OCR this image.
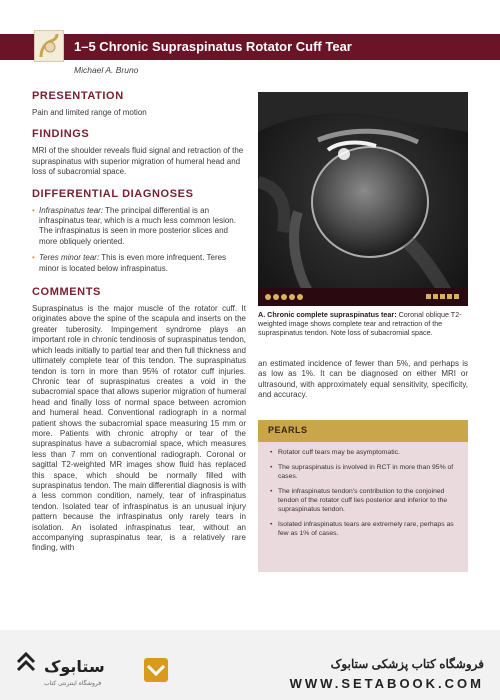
1–5 Chronic Supraspinatus Rotator Cuff Tear
Michael A. Bruno
PRESENTATION

Pain and limited range of motion

FINDINGS

MRI of the shoulder reveals fluid signal and retraction of the supraspinatus with superior migration of humeral head and loss of subacromial space.

DIFFERENTIAL DIAGNOSES
• Infraspinatus tear: The principal differential is an infraspinatus tear, which is a much less common lesion. The infraspinatus is seen in more posterior slices and more obliquely oriented.
• Teres minor tear: This is even more infrequent. Teres minor is located below infraspinatus.
COMMENTS

Supraspinatus is the major muscle of the rotator cuff. It originates above the spine of the scapula and inserts on the greater tuberosity. Impingement syndrome plays an important role in chronic tendinosis of supraspinatus tendon, which leads initially to partial tear and then full thickness and ultimately complete tear of this tendon. The supraspinatus tendon is torn in more than 95% of rotator cuff injuries. Chronic tear of supraspinatus creates a void in the subacromial space that allows superior migration of humeral head and finally loss of normal space between acromion and humeral head. Conventional radiograph in a normal patient shows the subacromial space measuring 15 mm or more. Patients with chronic atrophy or tear of the supraspinatus have a subacromial space, which measures less than 7 mm on conventional radiograph. Coronal or sagittal T2-weighted MR images show fluid has replaced this space, which should be normally filled with supraspinatus tendon. The main differential diagnosis is with a less common condition, namely, tear of infraspinatus tendon. Isolated tear of infraspinatus is an unusual injury pattern because the infraspinatus only rarely tears in isolation. An isolated infraspinatus tear, without an accompanying supraspinatus tear, is a relatively rare finding, with

A. Chronic complete supraspinatus tear: Coronal oblique T2-weighted image shows complete tear and retraction of the supraspinatus tendon. Note loss of subacromial space.

an estimated incidence of fewer than 5%, and perhaps is as low as 1%. It can be diagnosed on either MRI or ultrasound, with approximately equal sensitivity, specificity, and accuracy.

PEARLS
• Rotator cuff tears may be asymptomatic.
• The supraspinatus is involved in RCT in more than 95% of cases.
• The infraspinatus tendon's contribution to the conjoined tendon of the rotator cuff lies posterior and inferior to the supraspinatus tendon.
• Isolated infraspinatus tears are extremely rare, perhaps as few as 1% of cases.
ستابوک
فروشگاه اینترنتی کتاب
فروشگاه کتاب پزشکی ستابوک
WWW.SETABOOK.COM
